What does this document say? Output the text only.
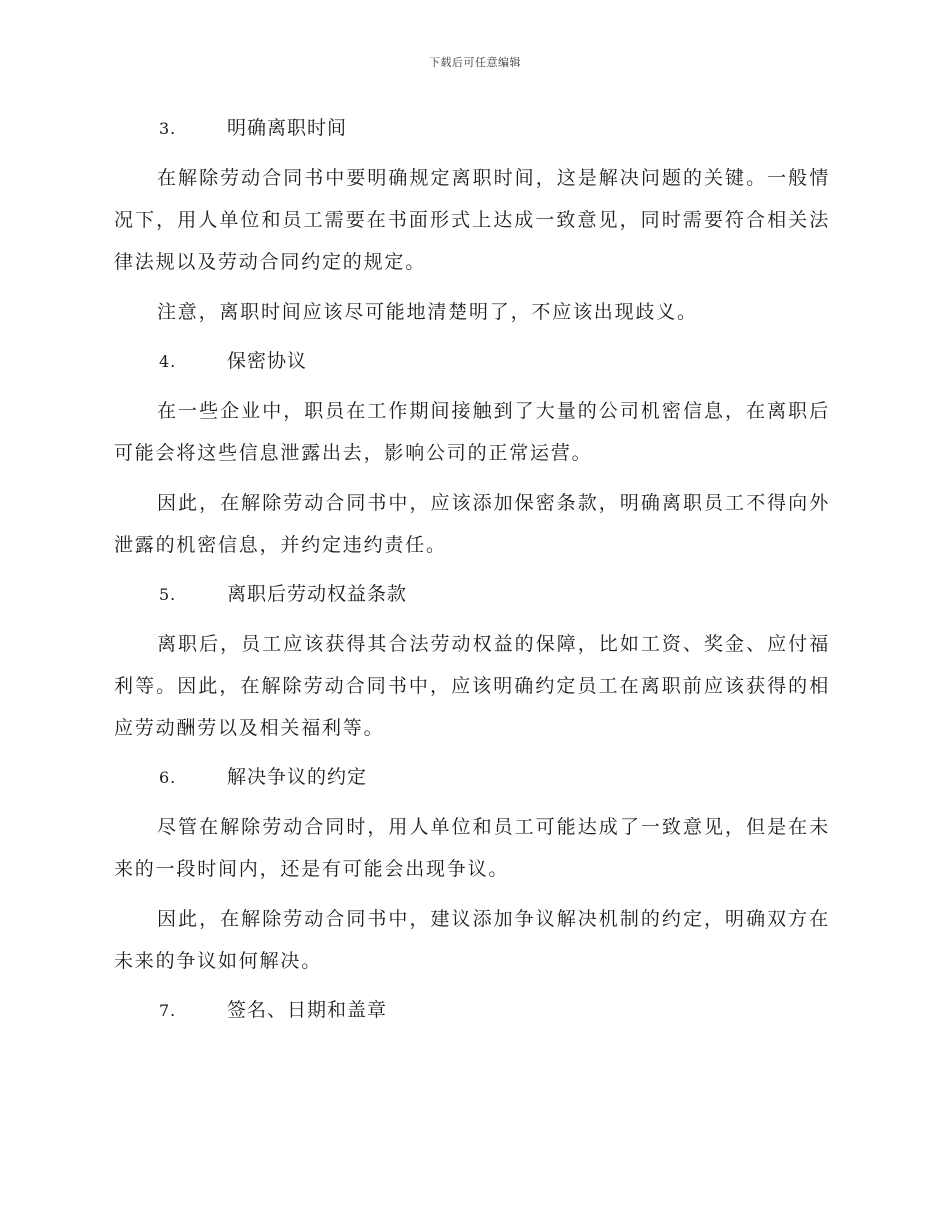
下载后可任意编辑
3.	明确离职时间

在解除劳动合同书中要明确规定离职时间，这是解决问题的关键。一般情况下，用人单位和员工需要在书面形式上达成一致意见，同时需要符合相关法律法规以及劳动合同约定的规定。

注意，离职时间应该尽可能地清楚明了，不应该出现歧义。

4.	保密协议

在一些企业中，职员在工作期间接触到了大量的公司机密信息，在离职后可能会将这些信息泄露出去，影响公司的正常运营。

因此，在解除劳动合同书中，应该添加保密条款，明确离职员工不得向外泄露的机密信息，并约定违约责任。

5.	离职后劳动权益条款

离职后，员工应该获得其合法劳动权益的保障，比如工资、奖金、应付福利等。因此，在解除劳动合同书中，应该明确约定员工在离职前应该获得的相应劳动酬劳以及相关福利等。

6.	解决争议的约定

尽管在解除劳动合同时，用人单位和员工可能达成了一致意见，但是在未来的一段时间内，还是有可能会出现争议。

因此，在解除劳动合同书中，建议添加争议解决机制的约定，明确双方在未来的争议如何解决。

7.	签名、日期和盖章
